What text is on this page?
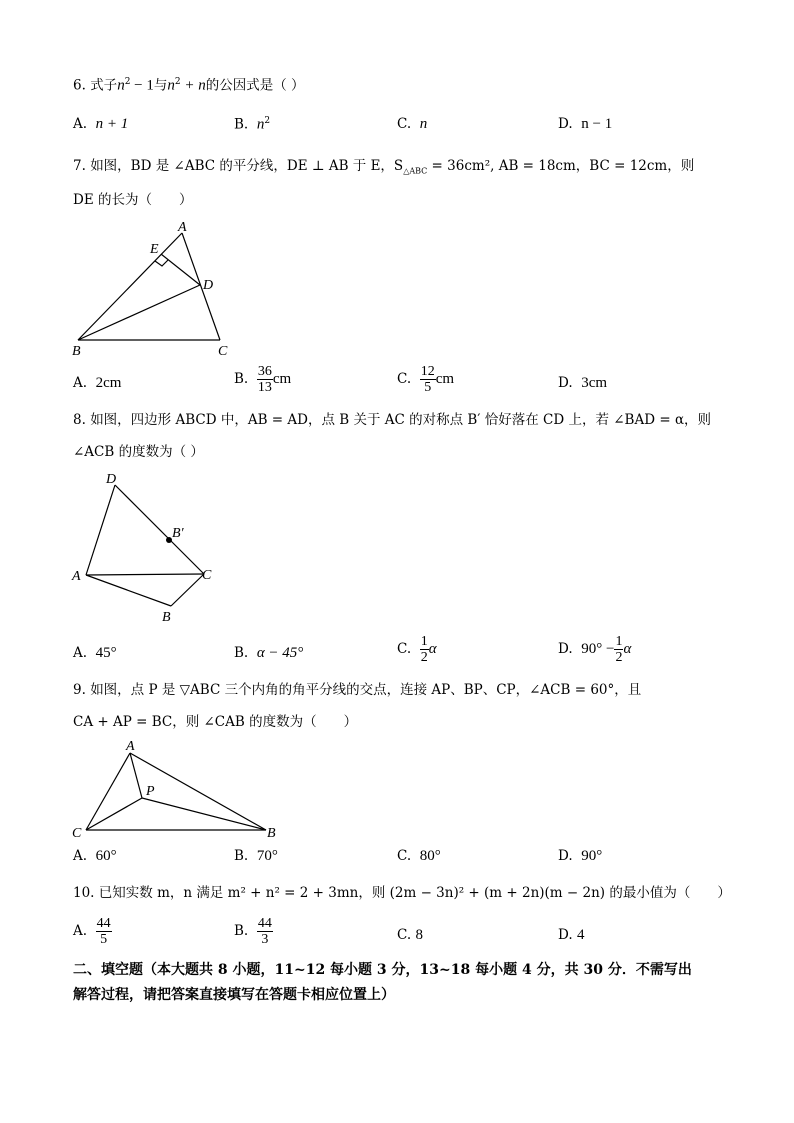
6. 式子$n^2 - 1$与$n^2 + n$的公因式是（ ）
A. n + 1	B. $n^2$	C. n	D. n − 1
7. 如图，BD 是 ∠ABC 的平分线，DE ⊥ AB 于 E，$S_{\triangle ABC} = 36cm^2$, AB = 18cm，BC = 12cm，则
DE 的长为（　　）
A
E
D
B	C
A. 2cm	B. $\frac{36}{13}$ cm	C. $\frac{12}{5}$ cm	D. 3cm
8. 如图，四边形 ABCD 中，AB = AD，点 B 关于 AC 的对称点 B′ 恰好落在 CD 上，若 ∠BAD = α，则
∠ACB 的度数为（ ）
D
B′
A	C
B
A. 45°	B. α − 45°	C. $\frac{1}{2}$ α	D. $90^\circ - \frac{1}{2}$ α
9. 如图，点 P 是 ▽ABC 三个内角的角平分线的交点，连接 AP、BP、CP，∠ACB = 60°，且
CA + AP = BC，则 ∠CAB 的度数为（　　）
A
P
C	B
A. 60°	B. 70°	C. 80°	D. 90°
10. 已知实数 m，n 满足 m² + n² = 2 + 3mn，则 (2m − 3n)² + (m + 2n)(m − 2n) 的最小值为（　　）
A. $\frac{44}{5}$	B. $\frac{44}{3}$	C. 8	D. 4
二、填空题（本大题共 8 小题，11~12 每小题 3 分，13~18 每小题 4 分，共 30 分．不需写出
解答过程，请把答案直接填写在答题卡相应位置上）
